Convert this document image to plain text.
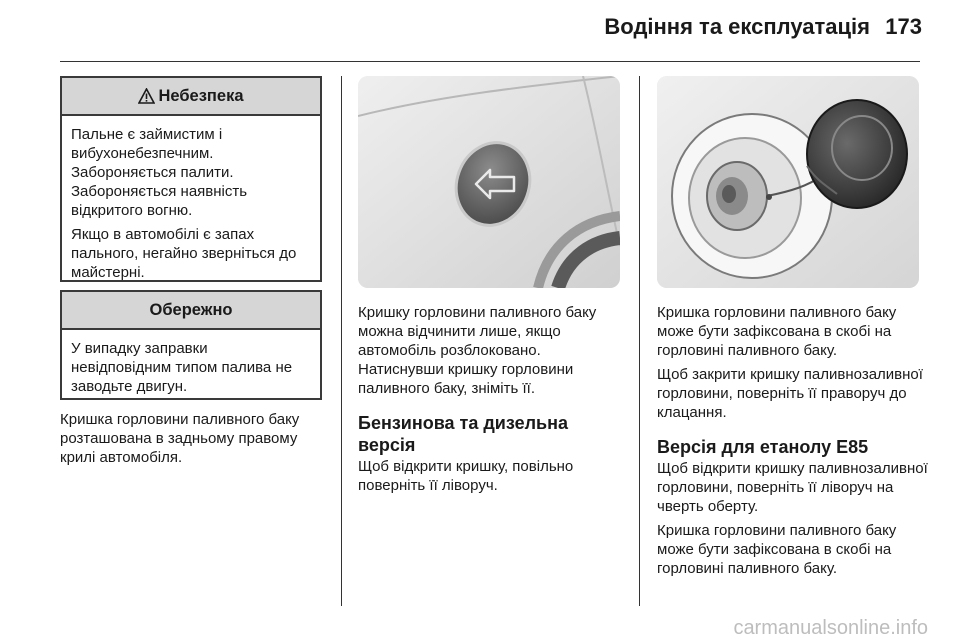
Водіння та експлуатація 173
Небезпека

Пальне є займистим і вибухонебезпечним. Забороняється палити. Забороняється наявність відкритого вогню.

Якщо в автомобілі є запах пального, негайно зверніться до майстерні.

Обережно

У випадку заправки невідповідним типом палива не заводьте двигун.

Кришка горловини паливного баку розташована в задньому правому крилі автомобіля.

Кришку горловини паливного баку можна відчинити лише, якщо автомобіль розблоковано. Натиснувши кришку горловини паливного баку, зніміть її.

Бензинова та дизельна версія

Щоб відкрити кришку, повільно поверніть її ліворуч.

Кришка горловини паливного баку може бути зафіксована в скобі на горловині паливного баку.

Щоб закрити кришку паливнозаливної горловини, поверніть її праворуч до клацання.

Версія для етанолу E85

Щоб відкрити кришку паливнозаливної горловини, поверніть її ліворуч на чверть оберту.

Кришка горловини паливного баку може бути зафіксована в скобі на горловині паливного баку.

carmanualsonline.info
